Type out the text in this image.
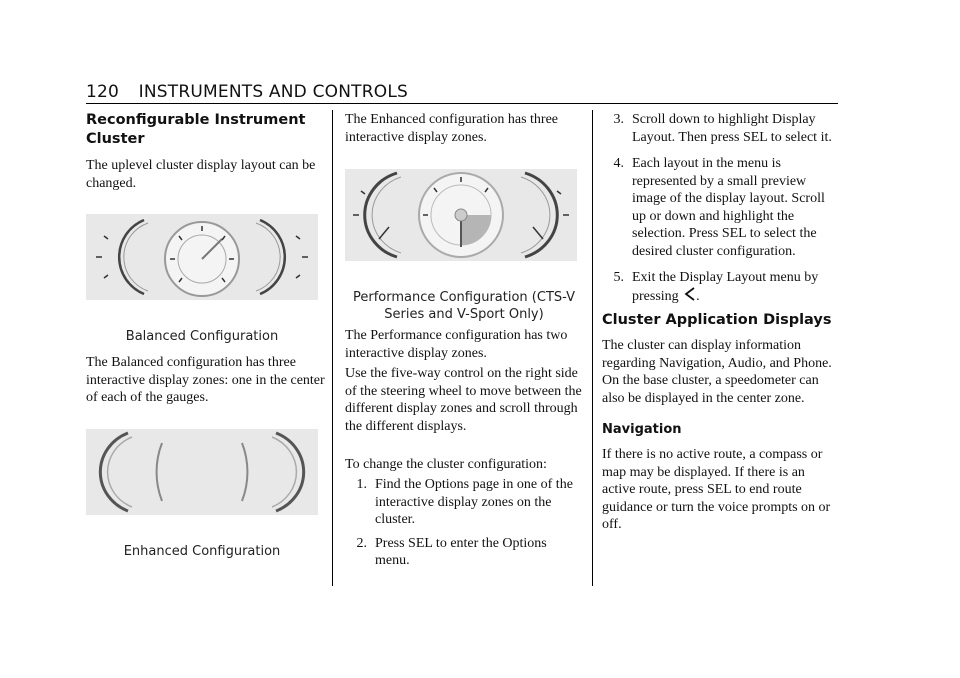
120 INSTRUMENTS AND CONTROLS
Reconfigurable Instrument Cluster

The uplevel cluster display layout can be changed.

Balanced Configuration

The Balanced configuration has three interactive display zones: one in the center of each of the gauges.

Enhanced Configuration

The Enhanced configuration has three interactive display zones.

Performance Configuration (CTS-V Series and V-Sport Only)

The Performance configuration has two interactive display zones.

Use the five-way control on the right side of the steering wheel to move between the different display zones and scroll through the different displays.

To change the cluster configuration:

1. Find the Options page in one of the interactive display zones on the cluster.
2. Press SEL to enter the Options menu.
3. Scroll down to highlight Display Layout. Then press SEL to select it.
4. Each layout in the menu is represented by a small preview image of the display layout. Scroll up or down and highlight the selection. Press SEL to select the desired cluster configuration.
5. Exit the Display Layout menu by pressing .
Cluster Application Displays

The cluster can display information regarding Navigation, Audio, and Phone. On the base cluster, a speedometer can also be displayed in the center zone.

Navigation

If there is no active route, a compass or map may be displayed. If there is an active route, press SEL to end route guidance or turn the voice prompts on or off.
